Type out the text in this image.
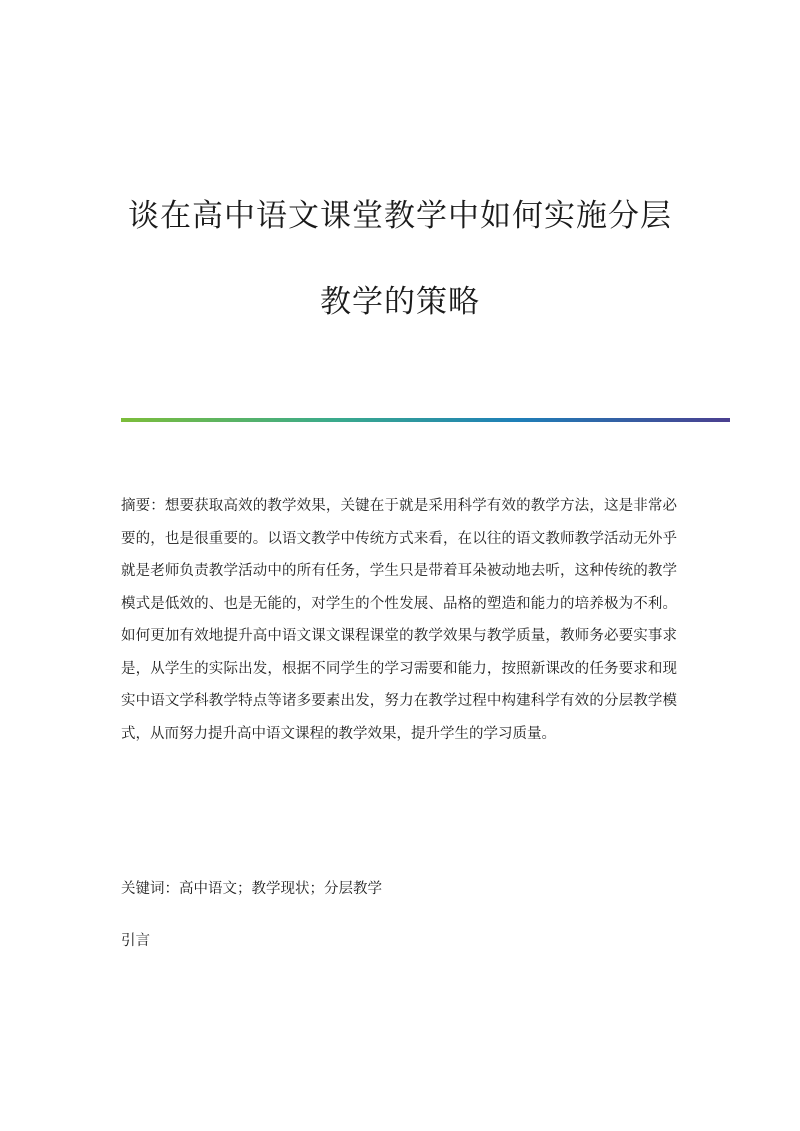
谈在高中语文课堂教学中如何实施分层
教学的策略

摘要：想要获取高效的教学效果，关键在于就是采用科学有效的教学方法，这是非常必要的，也是很重要的。以语文教学中传统方式来看，在以往的语文教师教学活动无外乎就是老师负责教学活动中的所有任务，学生只是带着耳朵被动地去听，这种传统的教学模式是低效的、也是无能的，对学生的个性发展、品格的塑造和能力的培养极为不利。如何更加有效地提升高中语文课文课程课堂的教学效果与教学质量，教师务必要实事求是，从学生的实际出发，根据不同学生的学习需要和能力，按照新课改的任务要求和现实中语文学科教学特点等诸多要素出发，努力在教学过程中构建科学有效的分层教学模式，从而努力提升高中语文课程的教学效果，提升学生的学习质量。

关键词：高中语文；教学现状；分层教学

引言
